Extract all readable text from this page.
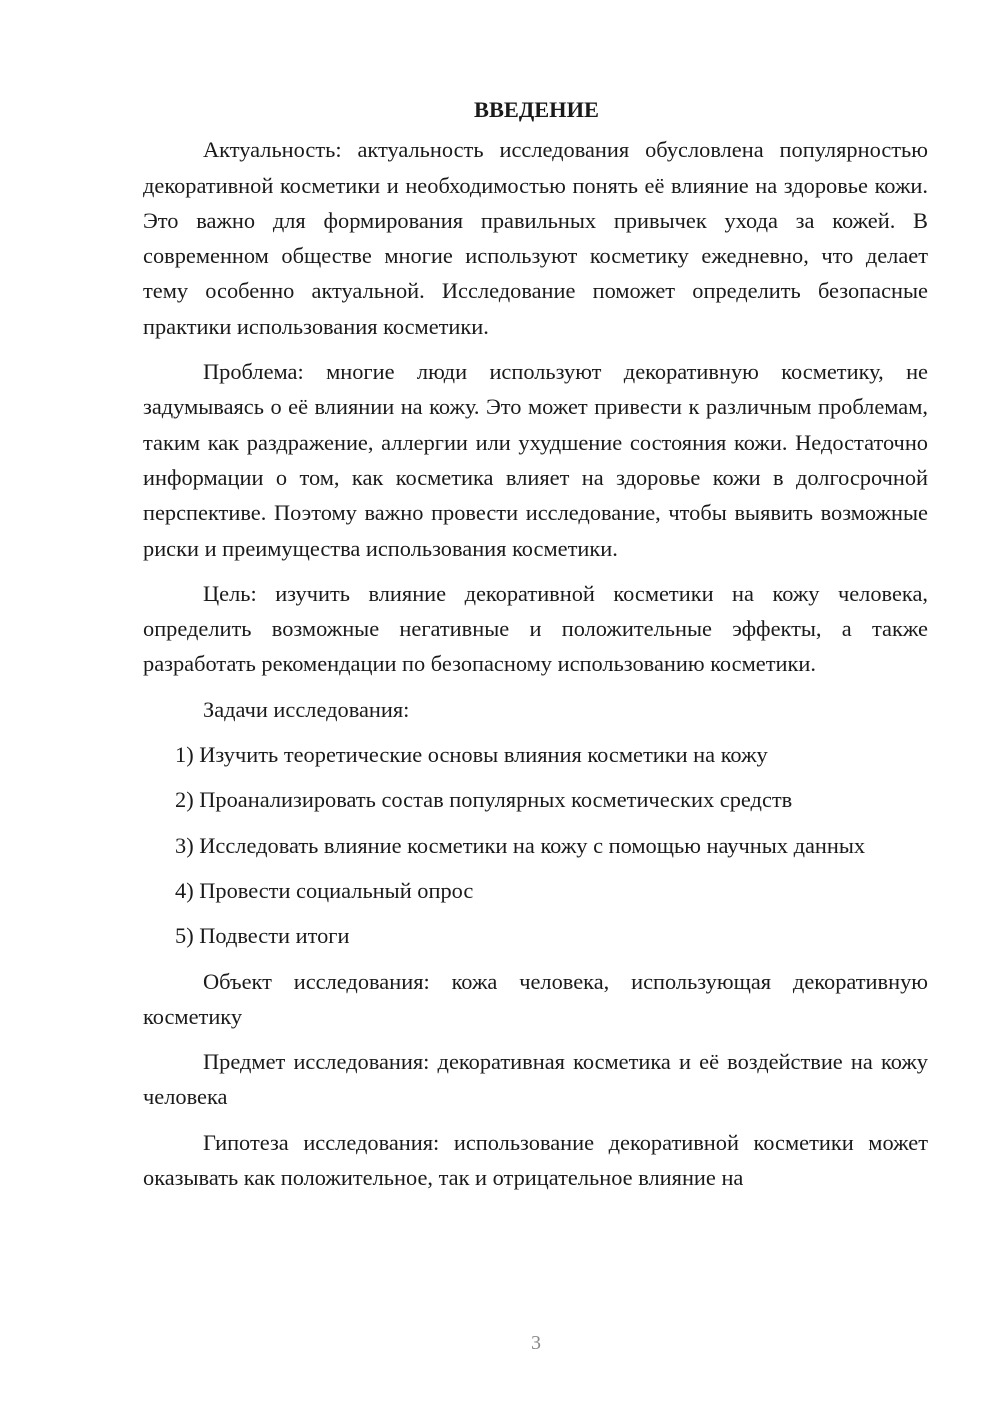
ВВЕДЕНИЕ

Актуальность: актуальность исследования обусловлена популярностью декоративной косметики и необходимостью понять её влияние на здоровье кожи. Это важно для формирования правильных привычек ухода за кожей. В современном обществе многие используют косметику ежедневно, что делает тему особенно актуальной. Исследование поможет определить безопасные практики использования косметики.

Проблема: многие люди используют декоративную косметику, не задумываясь о её влиянии на кожу. Это может привести к различным проблемам, таким как раздражение, аллергии или ухудшение состояния кожи. Недостаточно информации о том, как косметика влияет на здоровье кожи в долгосрочной перспективе. Поэтому важно провести исследование, чтобы выявить возможные риски и преимущества использования косметики.

Цель: изучить влияние декоративной косметики на кожу человека, определить возможные негативные и положительные эффекты, а также разработать рекомендации по безопасному использованию косметики.

Задачи исследования:

1) Изучить теоретические основы влияния косметики на кожу

2) Проанализировать состав популярных косметических средств

3) Исследовать влияние косметики на кожу с помощью научных данных

4) Провести социальный опрос

5) Подвести итоги

Объект исследования: кожа человека, использующая декоративную косметику

Предмет исследования: декоративная косметика и её воздействие на кожу человека

Гипотеза исследования: использование декоративной косметики может оказывать как положительное, так и отрицательное влияние на

3
